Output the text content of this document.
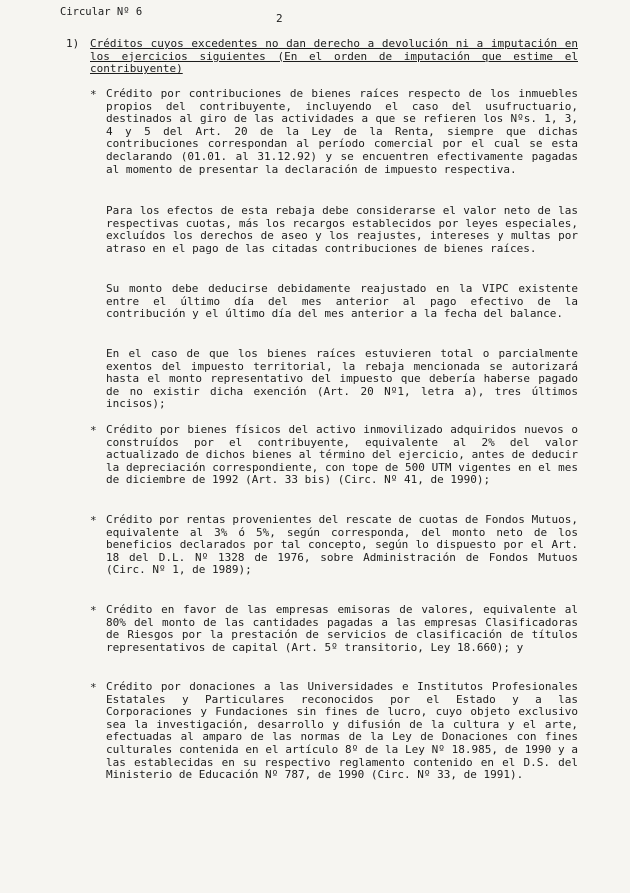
Circular Nº 6	2
1) Créditos cuyos excedentes no dan derecho a devolución ni a imputación en los ejercicios siguientes (En el orden de imputación que estime el contribuyente)
* Crédito por contribuciones de bienes raíces respecto de los inmuebles propios del contribuyente, incluyendo el caso del usufructuario, destinados al giro de las actividades a que se refieren los Nºs. 1, 3, 4 y 5 del Art. 20 de la Ley de la Renta, siempre que dichas contribuciones correspondan al período comercial por el cual se esta declarando (01.01. al 31.12.92) y se encuentren efectivamente pagadas al momento de presentar la declaración de impuesto respectiva.
Para los efectos de esta rebaja debe considerarse el valor neto de las respectivas cuotas, más los recargos establecidos por leyes especiales, excluídos los derechos de aseo y los reajustes, intereses y multas por atraso en el pago de las citadas contribuciones de bienes raíces.
Su monto debe deducirse debidamente reajustado en la VIPC existente entre el último día del mes anterior al pago efectivo de la contribución y el último día del mes anterior a la fecha del balance.
En el caso de que los bienes raíces estuvieren total o parcialmente exentos del impuesto territorial, la rebaja mencionada se autorizará hasta el monto representativo del impuesto que debería haberse pagado de no existir dicha exención (Art. 20 Nº1, letra a), tres últimos incisos);
* Crédito por bienes físicos del activo inmovilizado adquiridos nuevos o construídos por el contribuyente, equivalente al 2% del valor actualizado de dichos bienes al término del ejercicio, antes de deducir la depreciación correspondiente, con tope de 500 UTM vigentes en el mes de diciembre de 1992 (Art. 33 bis) (Circ. Nº 41, de 1990);
* Crédito por rentas provenientes del rescate de cuotas de Fondos Mutuos, equivalente al 3% ó 5%, según corresponda, del monto neto de los beneficios declarados por tal concepto, según lo dispuesto por el Art. 18 del D.L. Nº 1328 de 1976, sobre Administración de Fondos Mutuos (Circ. Nº 1, de 1989);
* Crédito en favor de las empresas emisoras de valores, equivalente al 80% del monto de las cantidades pagadas a las empresas Clasificadoras de Riesgos por la prestación de servicios de clasificación de títulos representativos de capital (Art. 5º transitorio, Ley 18.660); y
* Crédito por donaciones a las Universidades e Institutos Profesionales Estatales y Particulares reconocidos por el Estado y a las Corporaciones y Fundaciones sin fines de lucro, cuyo objeto exclusivo sea la investigación, desarrollo y difusión de la cultura y el arte, efectuadas al amparo de las normas de la Ley de Donaciones con fines culturales contenida en el artículo 8º de la Ley Nº 18.985, de 1990 y a las establecidas en su respectivo reglamento contenido en el D.S. del Ministerio de Educación Nº 787, de 1990 (Circ. Nº 33, de 1991).
